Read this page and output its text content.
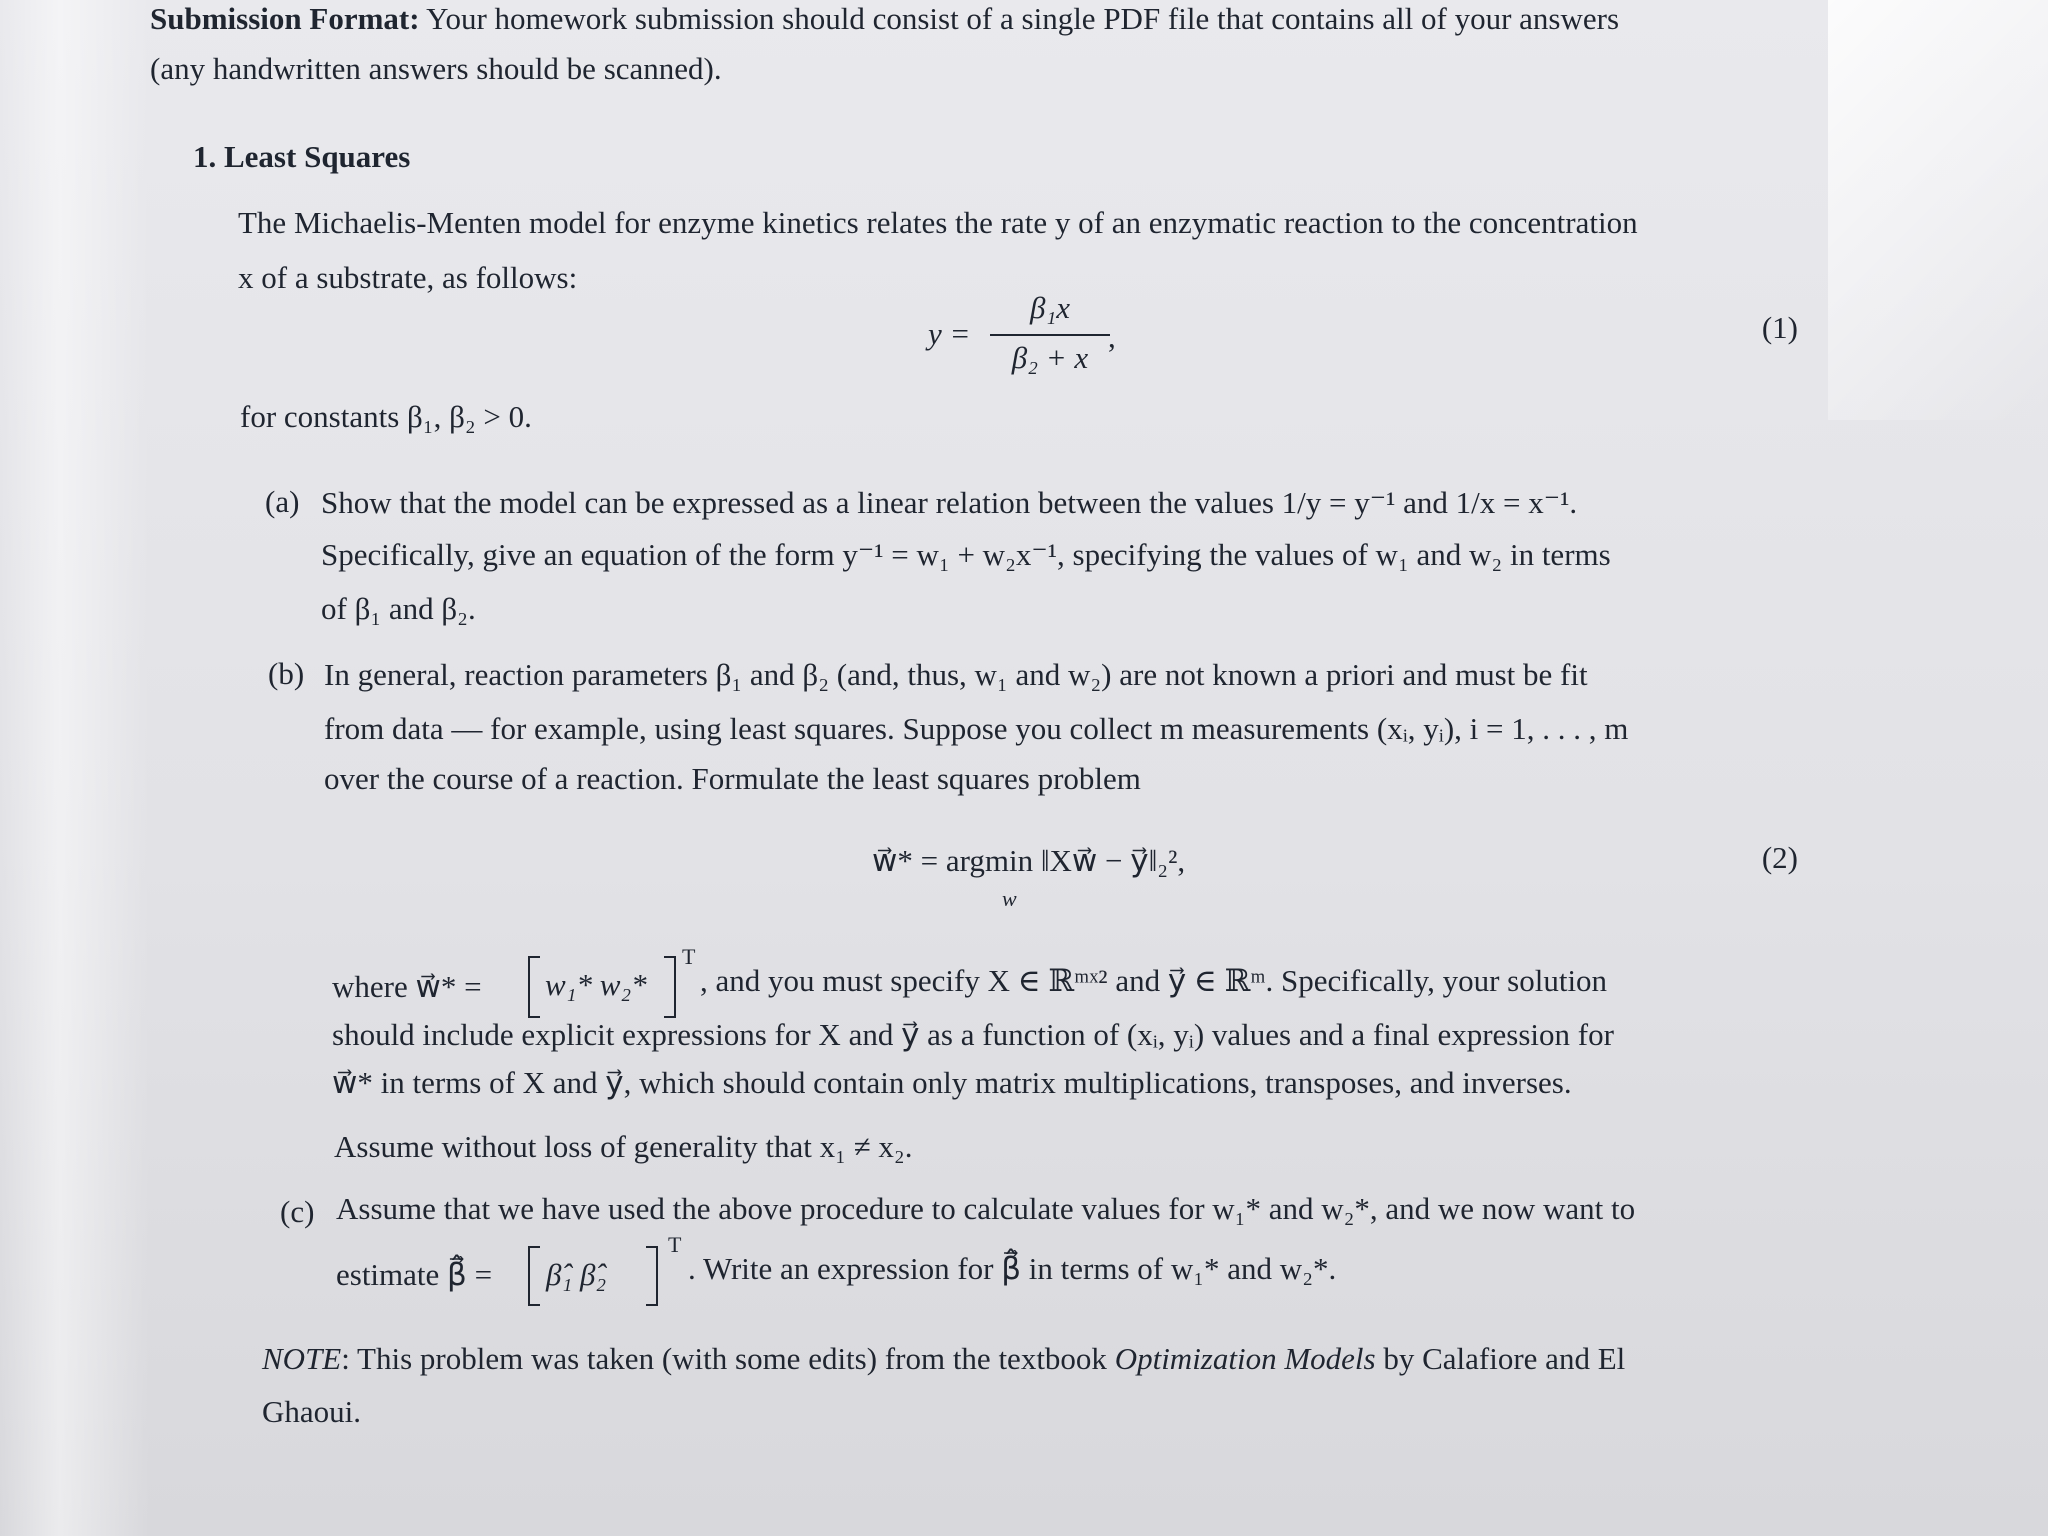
Submission Format: Your homework submission should consist of a single PDF file that contains all of your answers
(any handwritten answers should be scanned).
1. Least Squares
The Michaelis-Menten model for enzyme kinetics relates the rate y of an enzymatic reaction to the concentration
x of a substrate, as follows:
y =
β₁x
β₂ + x
,	(1)
for constants β₁, β₂ > 0.
(a) Show that the model can be expressed as a linear relation between the values 1/y = y⁻¹ and 1/x = x⁻¹.
Specifically, give an equation of the form y⁻¹ = w₁ + w₂x⁻¹, specifying the values of w₁ and w₂ in terms
of β₁ and β₂.
(b) In general, reaction parameters β₁ and β₂ (and, thus, w₁ and w₂) are not known a priori and must be fit
from data — for example, using least squares. Suppose you collect m measurements (xᵢ, yᵢ), i = 1, . . . , m
over the course of a reaction. Formulate the least squares problem
w⃗* = argmin ‖Xw⃗ − y⃗‖₂²,
w⃗
(2)
where w⃗* = w₁* w₂*
T
, and you must specify X ∈ ℝᵐˣ² and y⃗ ∈ ℝᵐ. Specifically, your solution
should include explicit expressions for X and y⃗ as a function of (xᵢ, yᵢ) values and a final expression for
w⃗* in terms of X and y⃗, which should contain only matrix multiplications, transposes, and inverses.
Assume without loss of generality that x₁ ≠ x₂.
(c) Assume that we have used the above procedure to calculate values for w₁* and w₂*, and we now want to
estimate β⃗̂ = β̂₁ β̂₂
T
. Write an expression for β⃗̂ in terms of w₁* and w₂*.
NOTE: This problem was taken (with some edits) from the textbook Optimization Models by Calafiore and El
Ghaoui.
